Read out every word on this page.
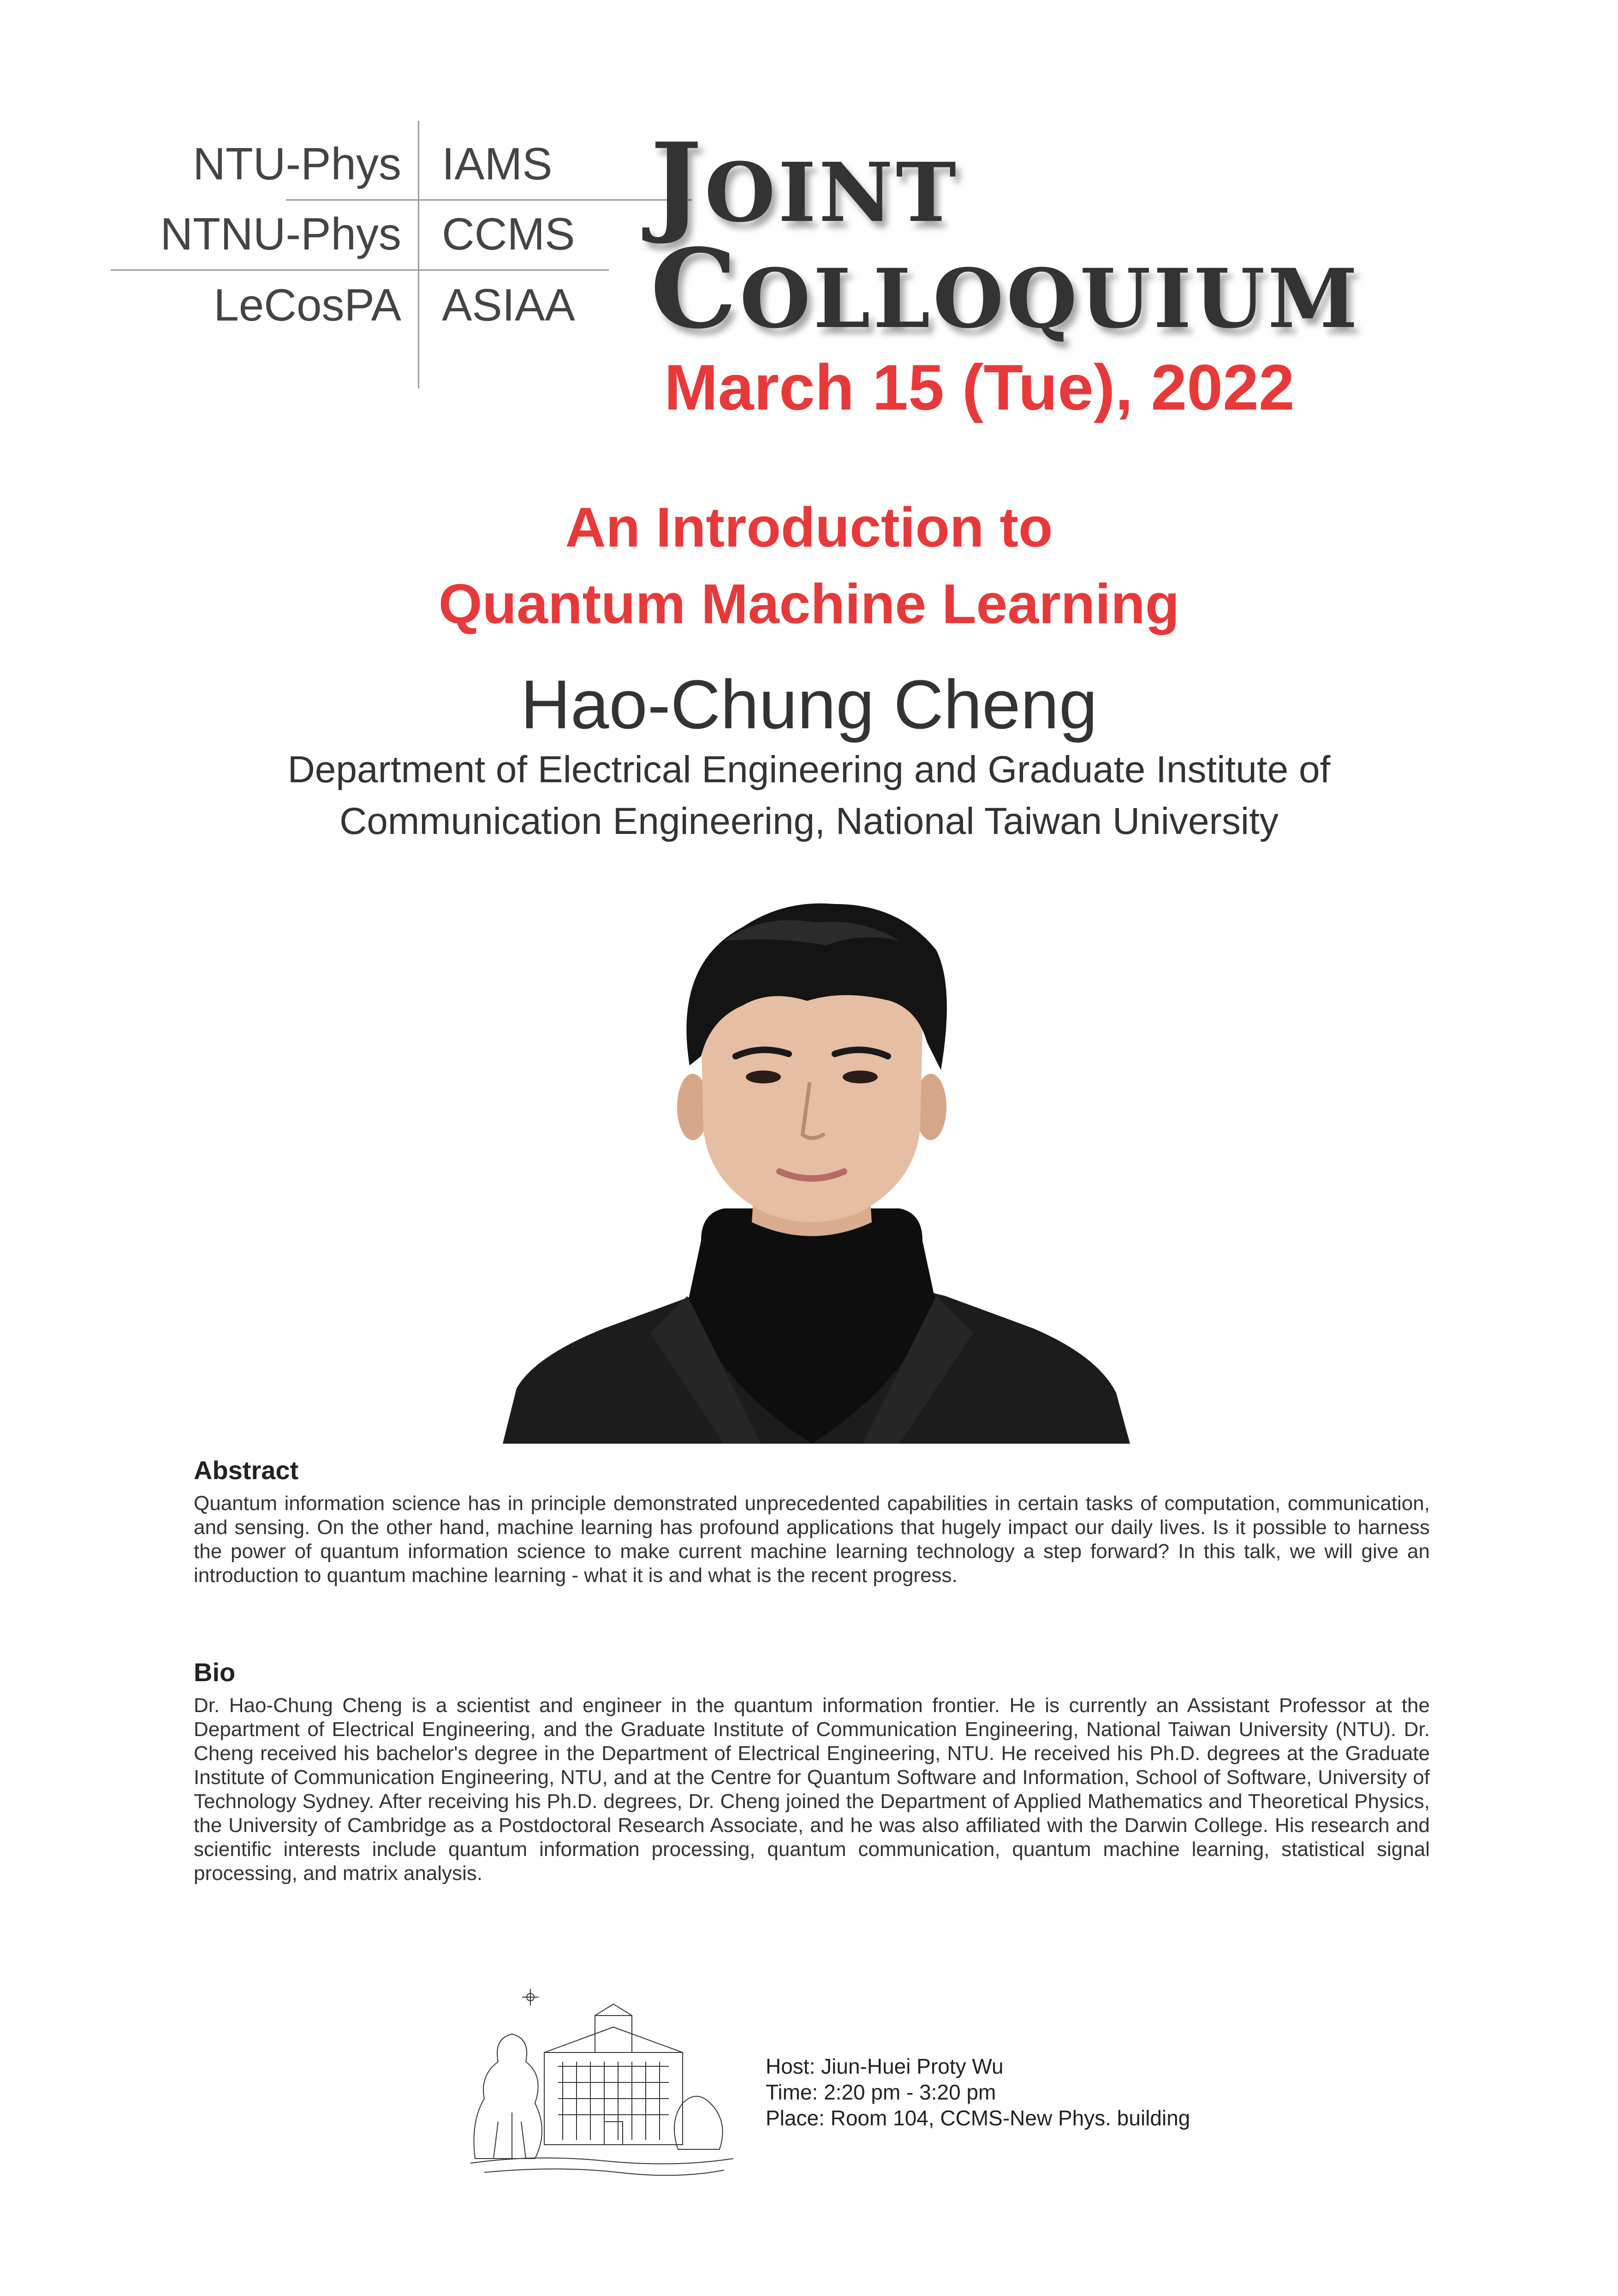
NTU-Phys IAMS
NTNU-Phys CCMS
LeCosPA ASIAA
JOINT
COLLOQUIUM
March 15 (Tue), 2022
An Introduction to
Quantum Machine Learning
Hao-Chung Cheng
Department of Electrical Engineering and Graduate Institute of
Communication Engineering, National Taiwan University
Abstract
Quantum information science has in principle demonstrated unprecedented capabilities in certain tasks of computation, communication, and sensing. On the other hand, machine learning has profound applications that hugely impact our daily lives. Is it possible to harness the power of quantum information science to make current machine learning technology a step forward? In this talk, we will give an introduction to quantum machine learning - what it is and what is the recent progress.
Bio
Dr. Hao-Chung Cheng is a scientist and engineer in the quantum information frontier. He is currently an Assistant Professor at the Department of Electrical Engineering, and the Graduate Institute of Communication Engineering, National Taiwan University (NTU). Dr. Cheng received his bachelor's degree in the Department of Electrical Engineering, NTU. He received his Ph.D. degrees at the Graduate Institute of Communication Engineering, NTU, and at the Centre for Quantum Software and Information, School of Software, University of Technology Sydney. After receiving his Ph.D. degrees, Dr. Cheng joined the Department of Applied Mathematics and Theoretical Physics, the University of Cambridge as a Postdoctoral Research Associate, and he was also affiliated with the Darwin College. His research and scientific interests include quantum information processing, quantum communication, quantum machine learning, statistical signal processing, and matrix analysis.
Host: Jiun-Huei Proty Wu
Time: 2:20 pm - 3:20 pm
Place: Room 104, CCMS-New Phys. building
